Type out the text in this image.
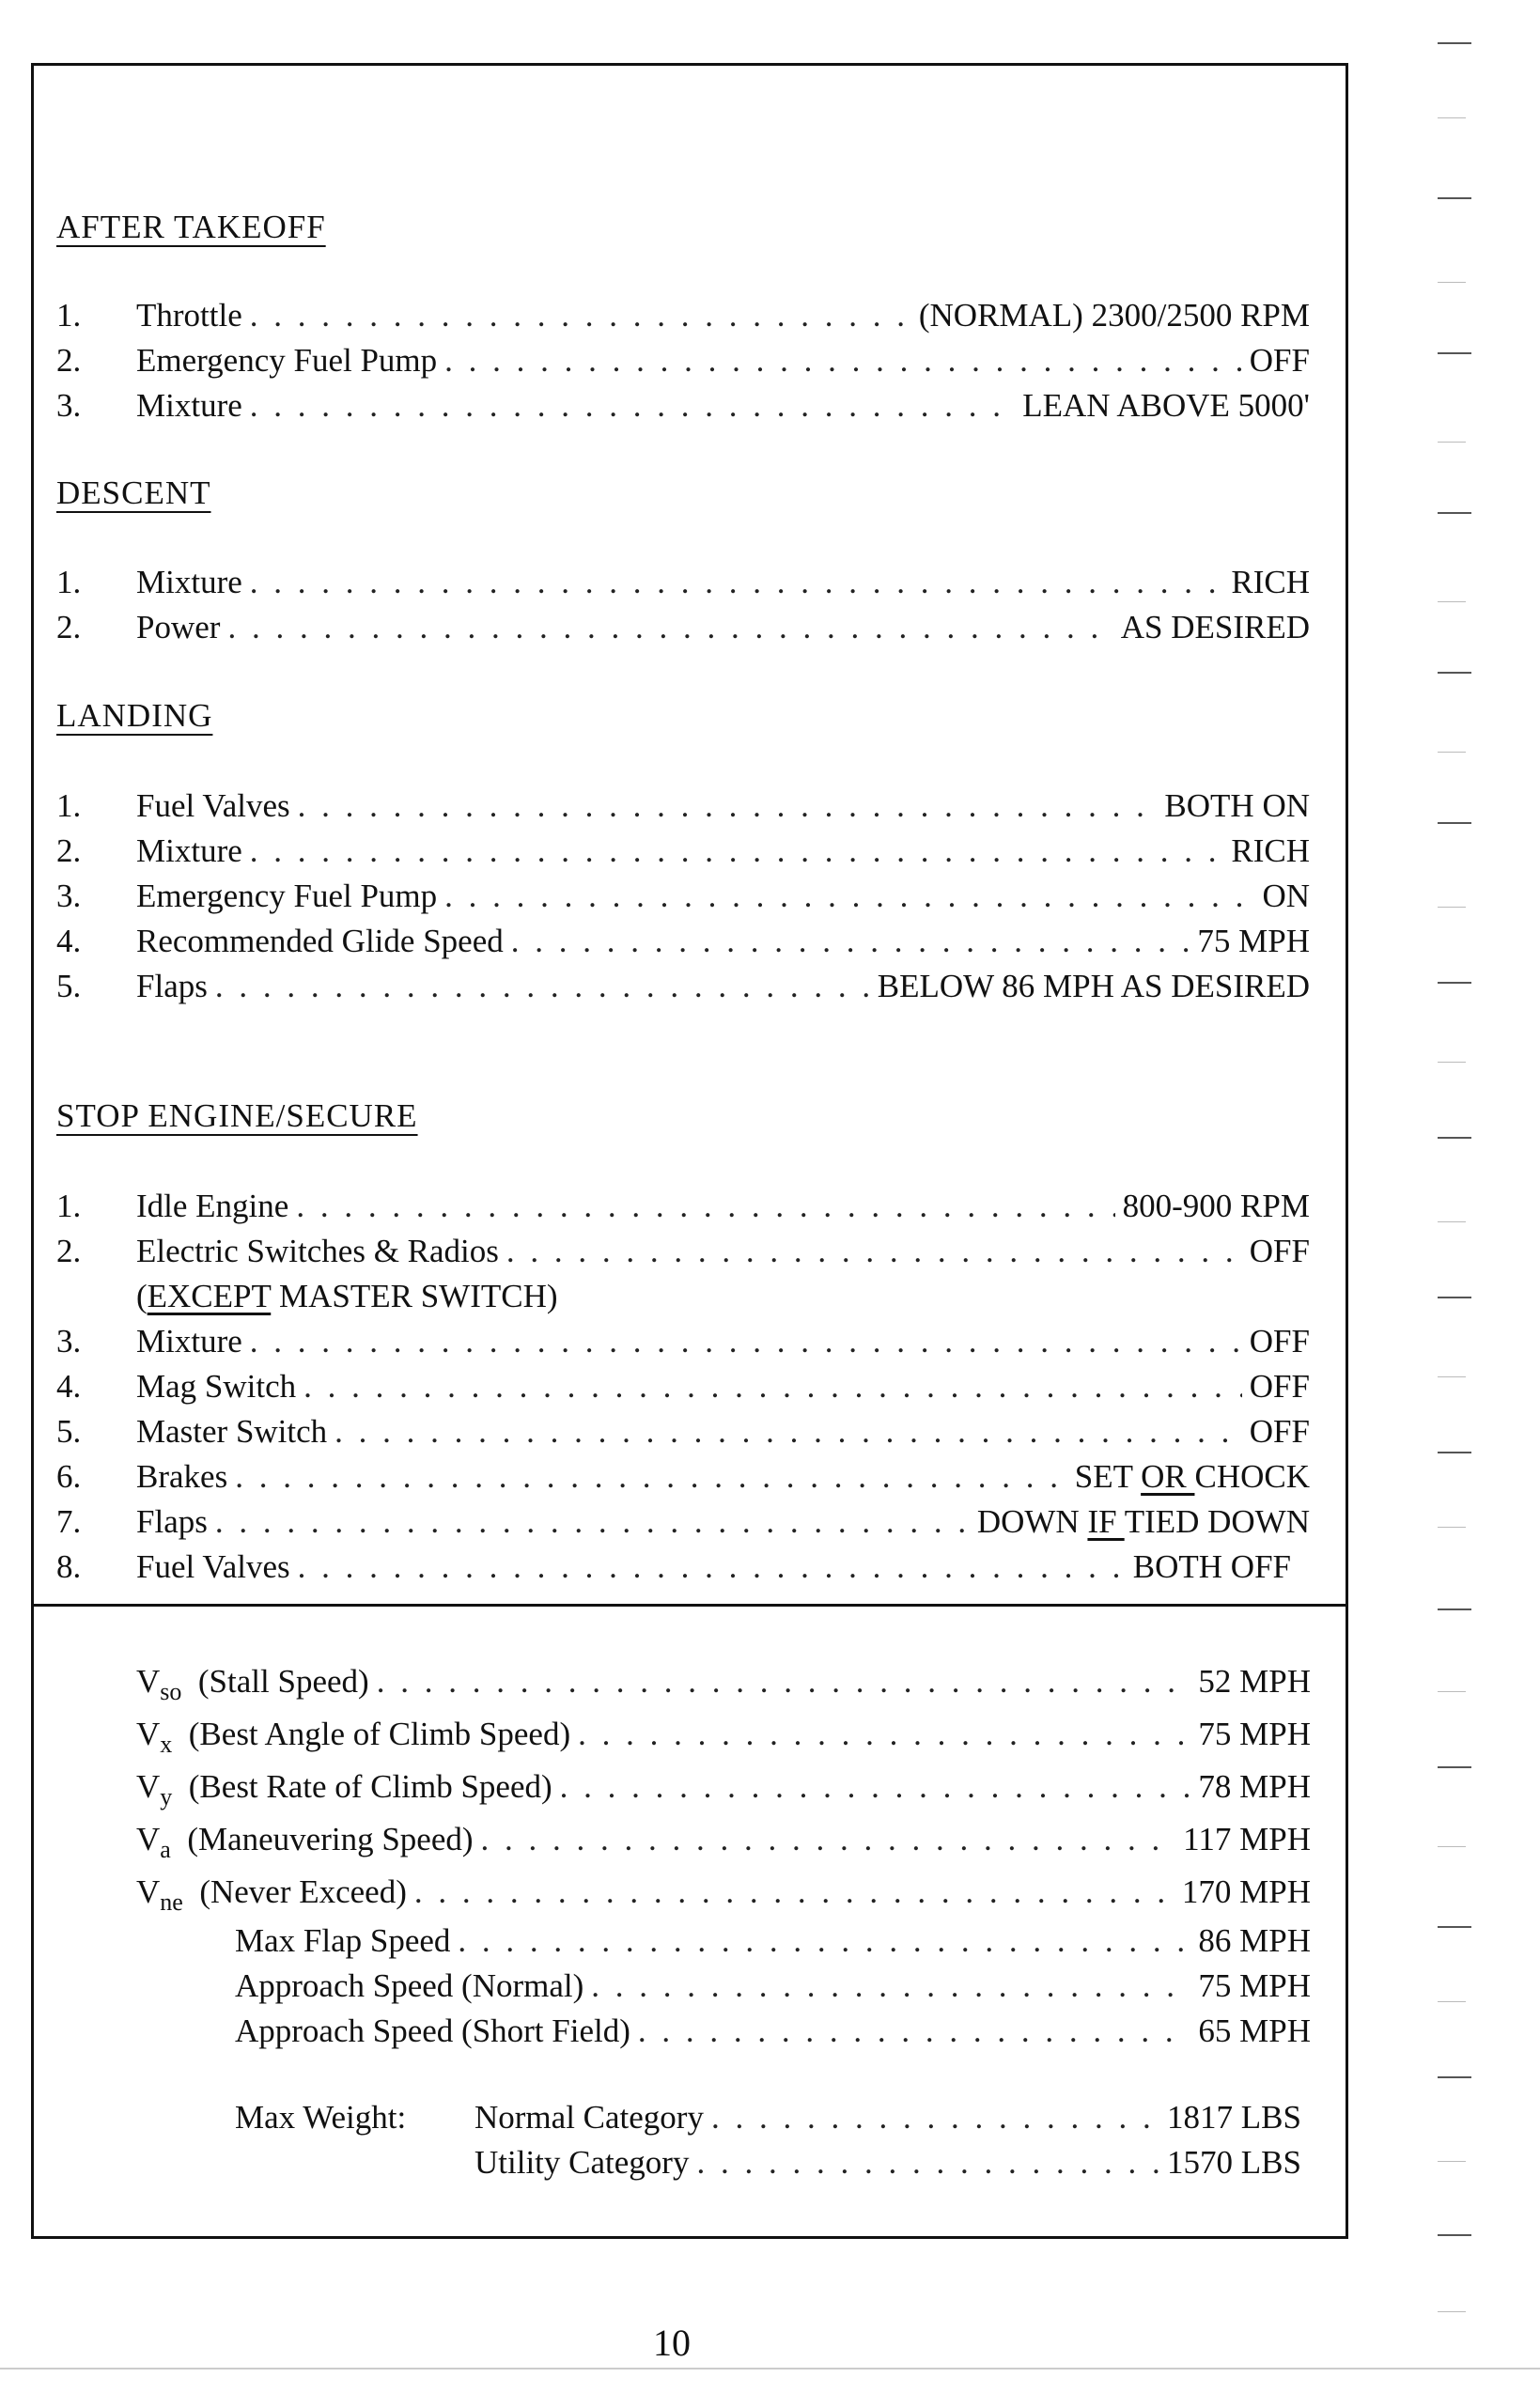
AFTER TAKEOFF
1.	Throttle . . .	(NORMAL) 2300/2500 RPM
2.	Emergency Fuel Pump . . .	OFF
3.	Mixture . . .	LEAN ABOVE 5000'
DESCENT
1.	Mixture . . .	RICH
2.	Power . . .	AS DESIRED
LANDING
1.	Fuel Valves . . .	BOTH ON
2.	Mixture . . .	RICH
3.	Emergency Fuel Pump . . .	ON
4.	Recommended Glide Speed . . .	75 MPH
5.	Flaps . . .	BELOW 86 MPH AS DESIRED
STOP ENGINE/SECURE
1.	Idle Engine . . .	800-900 RPM
2.	Electric Switches & Radios . . .	OFF
(EXCEPT MASTER SWITCH)
3.	Mixture . . .	OFF
4.	Mag Switch . . .	OFF
5.	Master Switch . . .	OFF
6.	Brakes . . .	SET OR CHOCK
7.	Flaps . . .	DOWN IF TIED DOWN
8.	Fuel Valves . . .	BOTH OFF
$V_{so}$ (Stall Speed) . . .	52 MPH
$V_x$ (Best Angle of Climb Speed) . . .	75 MPH
$V_y$ (Best Rate of Climb Speed) . . .	78 MPH
$V_a$ (Maneuvering Speed) . . .	117 MPH
$V_{ne}$ (Never Exceed) . . .	170 MPH
Max Flap Speed . . .	86 MPH
Approach Speed (Normal) . . .	75 MPH
Approach Speed (Short Field) . . .	65 MPH
Max Weight:	Normal Category . . .	1817 LBS
Utility Category . . .	1570 LBS
10
